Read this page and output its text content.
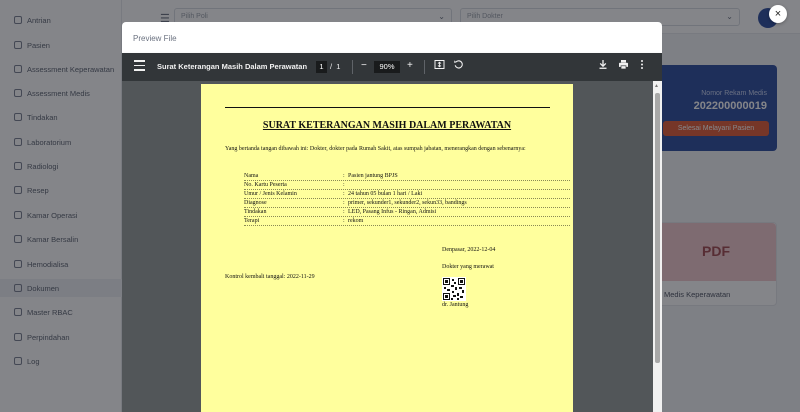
Preview File
Surat Keterangan Masih Dalam Perawatan	1 / 1 −	90%	+
SURAT KETERANGAN MASIH DALAM PERAWATAN
Yang bertanda tangan dibawah ini: Dokter, dokter pada Rumah Sakit, atas sumpah jabatan, menerangkan dengan sebenarnya:
Nama	: Pasien jantung BPJS
No. Kartu Peserta	:
Umur / Jenis Kelamin	: 24 tahun 05 bulan 1 hari / Laki
Diagnose	: primer, sekunder1, sekunder2, sekun33, bandings
Tindakan	: LED, Pasang Infus - Ringan, Admisi
Terapi	: rekom
Denpasar, 2022-12-04
Dokter yang merawat
Kontrol kembali tanggal: 2022-11-29
dr. Jantung
▲
×
